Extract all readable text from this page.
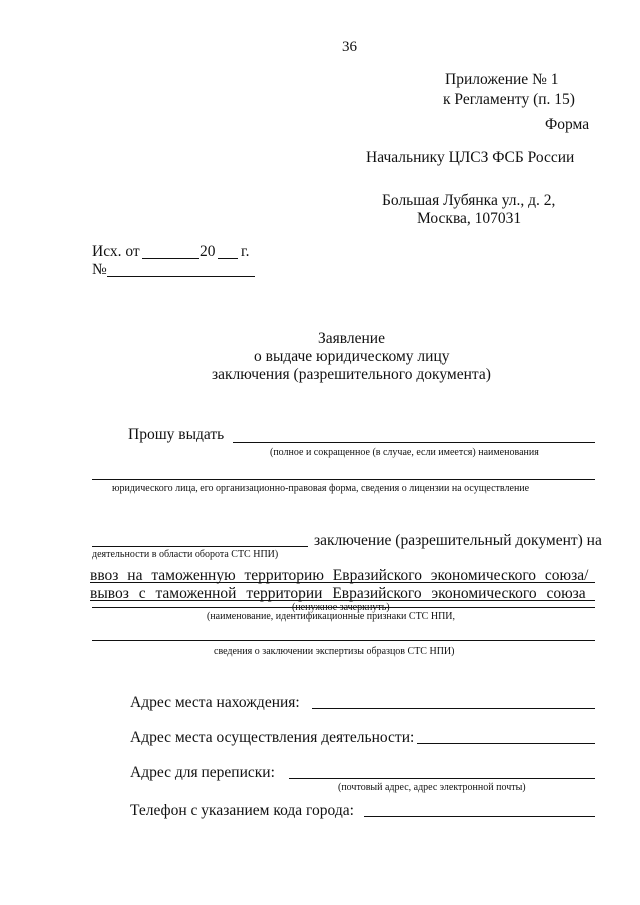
36
Приложение № 1
к Регламенту (п. 15)
Форма
Начальнику ЦЛСЗ ФСБ России
Большая Лубянка ул., д. 2,
Москва, 107031
Исх. от	20 г.
№
Заявление
о выдаче юридическому лицу
заключения (разрешительного документа)
Прошу выдать
(полное и сокращенное (в случае, если имеется) наименования
юридического лица, его организационно-правовая форма, сведения о лицензии на осуществление
заключение (разрешительный документ) на
деятельности в области оборота СТС НПИ)
ввоз на таможенную территорию Евразийского экономического союза/
вывоз с таможенной территории Евразийского экономического союза
(ненужное зачеркнуть)
(наименование, идентификационные признаки СТС НПИ,
сведения о заключении экспертизы образцов СТС НПИ)
Адрес места нахождения:
Адрес места осуществления деятельности:
Адрес для переписки:
(почтовый адрес, адрес электронной почты)
Телефон с указанием кода города:
